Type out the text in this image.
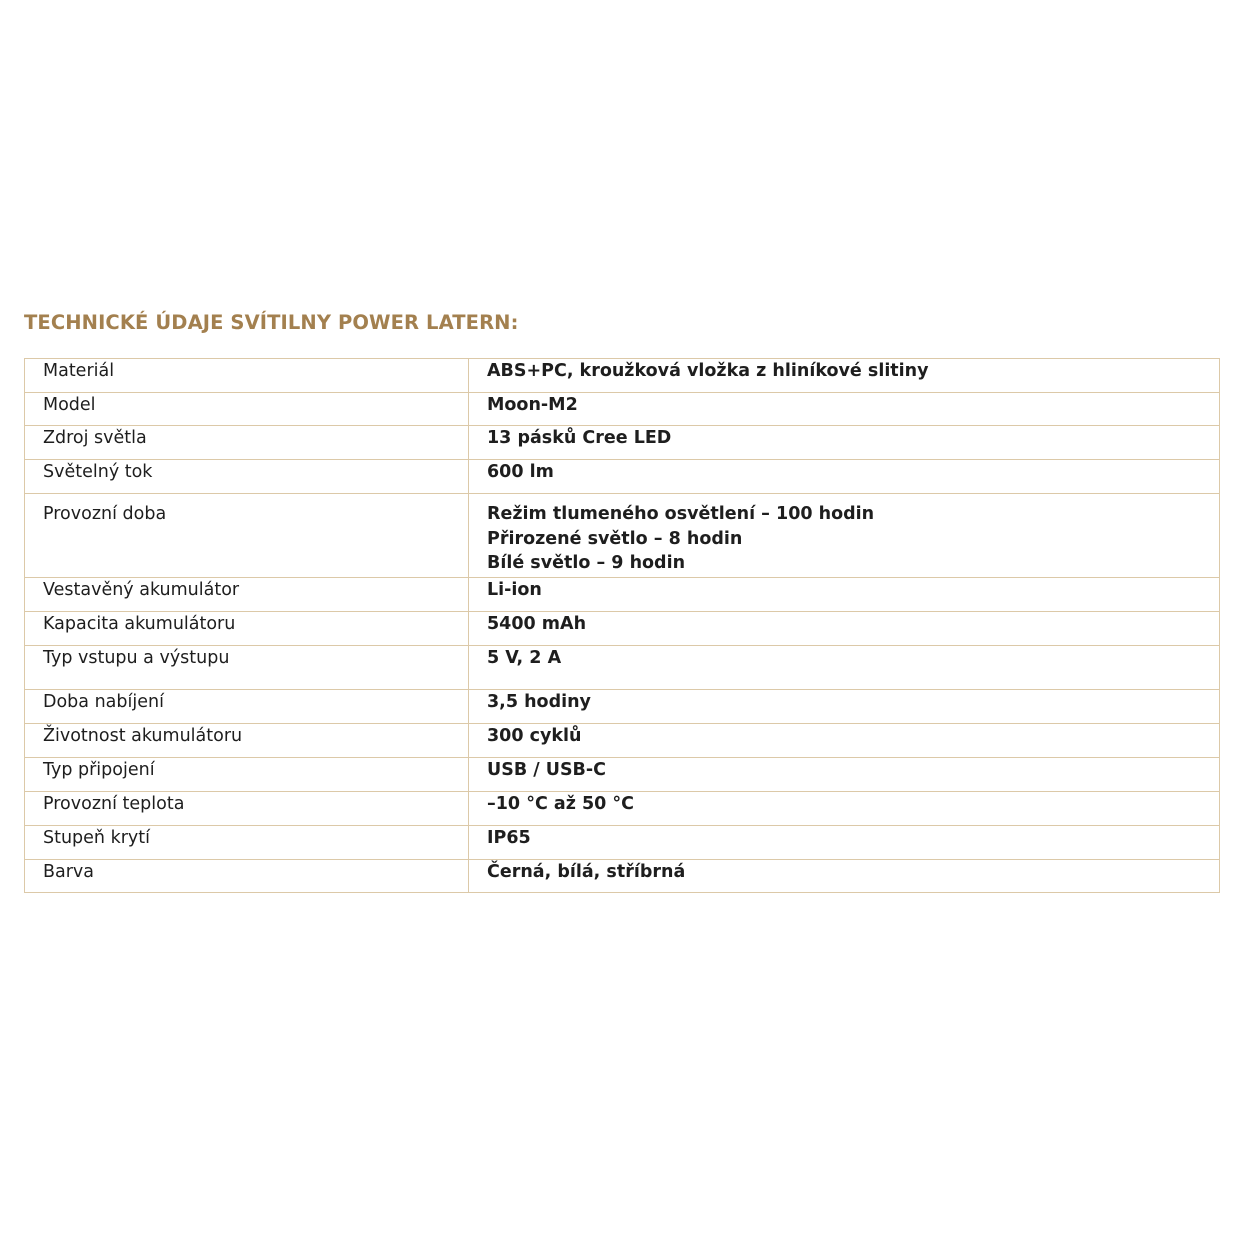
TECHNICKÉ ÚDAJE SVÍTILNY POWER LATERN:
Materiál	ABS+PC, kroužková vložka z hliníkové slitiny
Model	Moon-M2
Zdroj světla	13 pásků Cree LED
Světelný tok	600 lm
Provozní doba	Režim tlumeného osvětlení – 100 hodin
Přirozené světlo – 8 hodin
Bílé světlo – 9 hodin

Vestavěný akumulátor	Li-ion
Kapacita akumulátoru	5400 mAh
Typ vstupu a výstupu	5 V, 2 A
Doba nabíjení	3,5 hodiny
Životnost akumulátoru	300 cyklů
Typ připojení	USB / USB-C
Provozní teplota	–10 °C až 50 °C
Stupeň krytí	IP65
Barva	Černá, bílá, stříbrná
